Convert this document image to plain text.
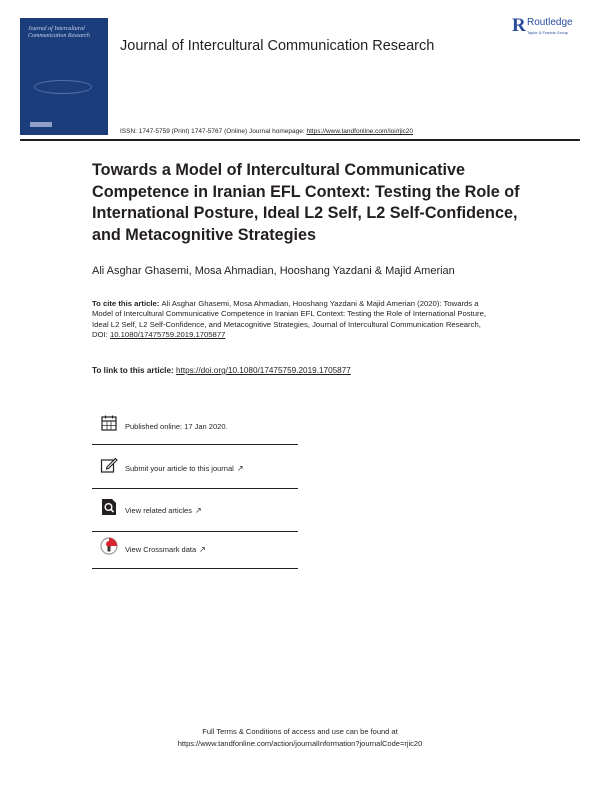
Journal of Intercultural Communication Research
Journal of Intercultural Communication Research
R Routledge
Taylor & Francis Group
ISSN: 1747-5759 (Print) 1747-5767 (Online) Journal homepage: https://www.tandfonline.com/loi/rjic20
Towards a Model of Intercultural Communicative Competence in Iranian EFL Context: Testing the Role of International Posture, Ideal L2 Self, L2 Self-Confidence, and Metacognitive Strategies
Ali Asghar Ghasemi, Mosa Ahmadian, Hooshang Yazdani & Majid Amerian
To cite this article: Ali Asghar Ghasemi, Mosa Ahmadian, Hooshang Yazdani & Majid Amerian (2020): Towards a Model of Intercultural Communicative Competence in Iranian EFL Context: Testing the Role of International Posture, Ideal L2 Self, L2 Self-Confidence, and Metacognitive Strategies, Journal of Intercultural Communication Research, DOI: 10.1080/17475759.2019.1705877
To link to this article: https://doi.org/10.1080/17475759.2019.1705877
Published online: 17 Jan 2020.
Submit your article to this journal ↗
View related articles ↗
View Crossmark data ↗
Full Terms & Conditions of access and use can be found at
https://www.tandfonline.com/action/journalInformation?journalCode=rjic20
